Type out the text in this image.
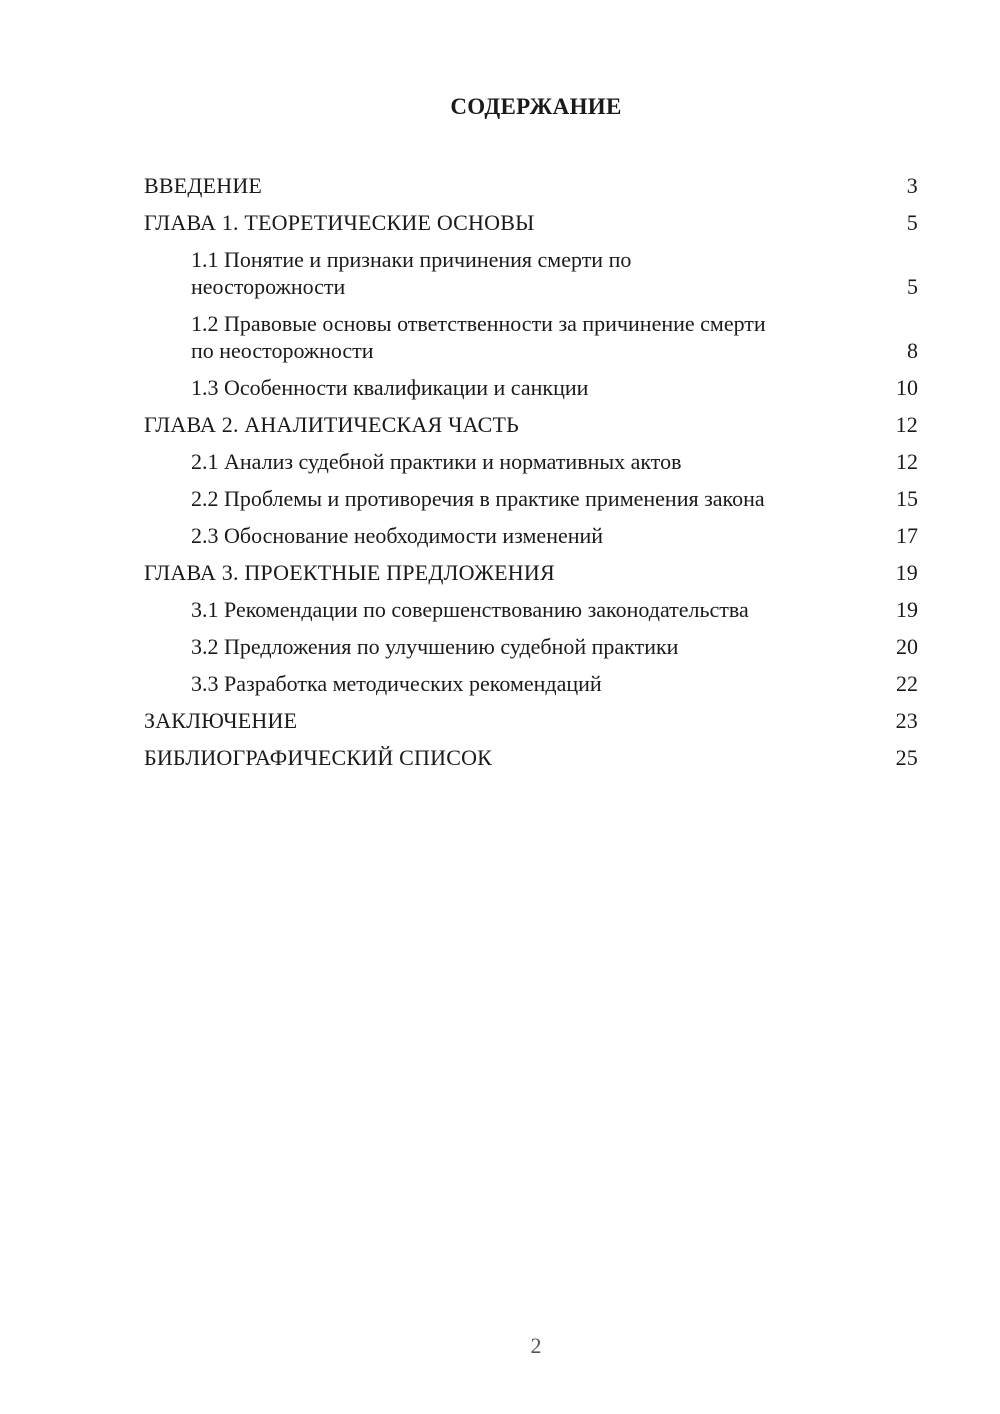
СОДЕРЖАНИЕ
ВВЕДЕНИЕ	3
ГЛАВА 1. ТЕОРЕТИЧЕСКИЕ ОСНОВЫ	5
1.1 Понятие и признаки причинения смерти по неосторожности	5
1.2 Правовые основы ответственности за причинение смерти по неосторожности	8
1.3 Особенности квалификации и санкции	10
ГЛАВА 2. АНАЛИТИЧЕСКАЯ ЧАСТЬ	12
2.1 Анализ судебной практики и нормативных актов	12
2.2 Проблемы и противоречия в практике применения закона	15
2.3 Обоснование необходимости изменений	17
ГЛАВА 3. ПРОЕКТНЫЕ ПРЕДЛОЖЕНИЯ	19
3.1 Рекомендации по совершенствованию законодательства	19
3.2 Предложения по улучшению судебной практики	20
3.3 Разработка методических рекомендаций	22
ЗАКЛЮЧЕНИЕ	23
БИБЛИОГРАФИЧЕСКИЙ СПИСОК	25
2
